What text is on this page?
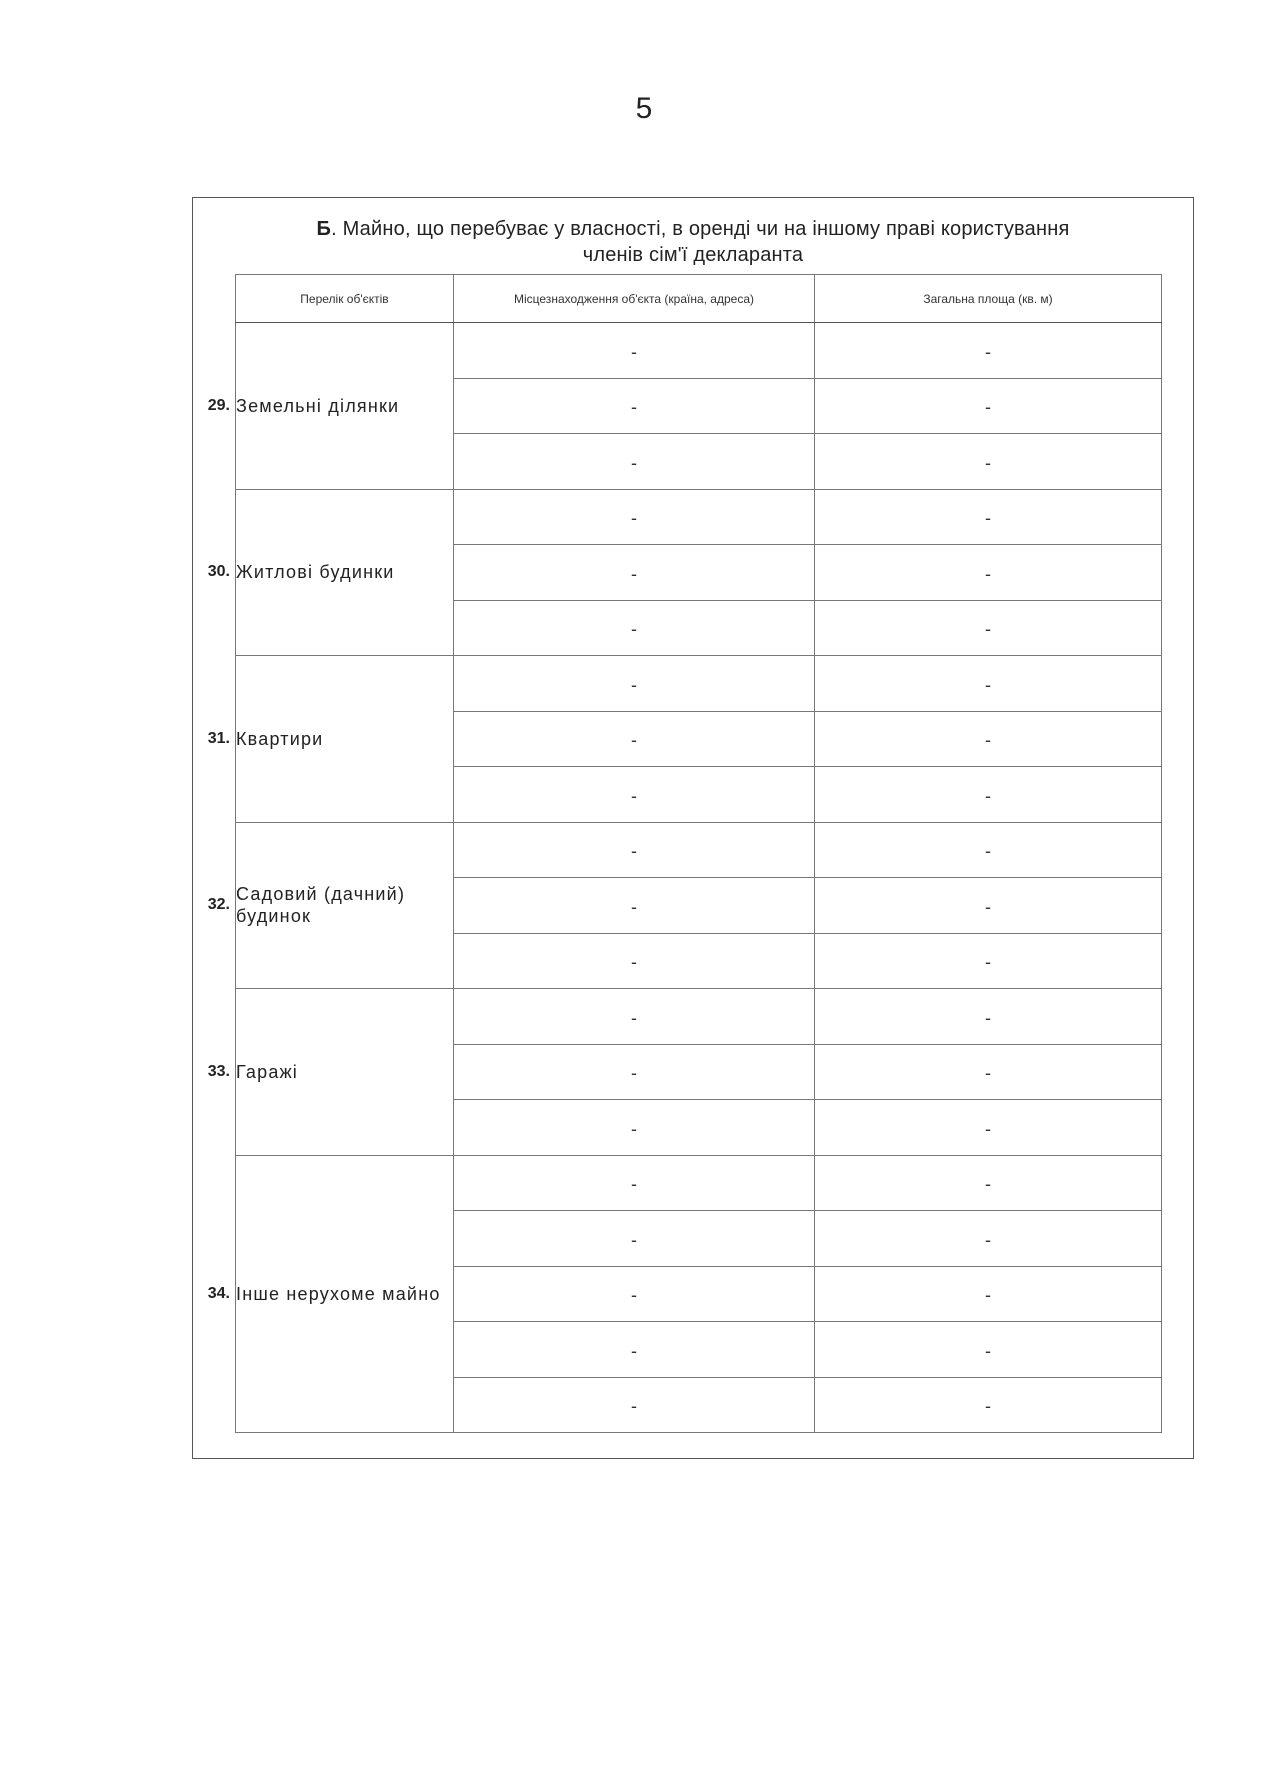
5
Б. Майно, що перебуває у власності, в оренді чи на іншому праві користування
членів сім'ї декларанта
Перелік об'єктів	Місцезнаходження об'єкта (країна, адреса)	Загальна площа (кв. м)

29. Земельні ділянки	-	-
	-	-
	-	-

30. Житлові будинки	-	-
	-	-
	-	-

31. Квартири	-	-
	-	-
	-	-

32.
Садовий (дачний) будинок	-	-
	-	-
	-	-

33. Гаражі	-	-
	-	-
	-	-

34. Інше нерухоме майно	-	-
	-	-
	-	-
	-	-
	-	-
